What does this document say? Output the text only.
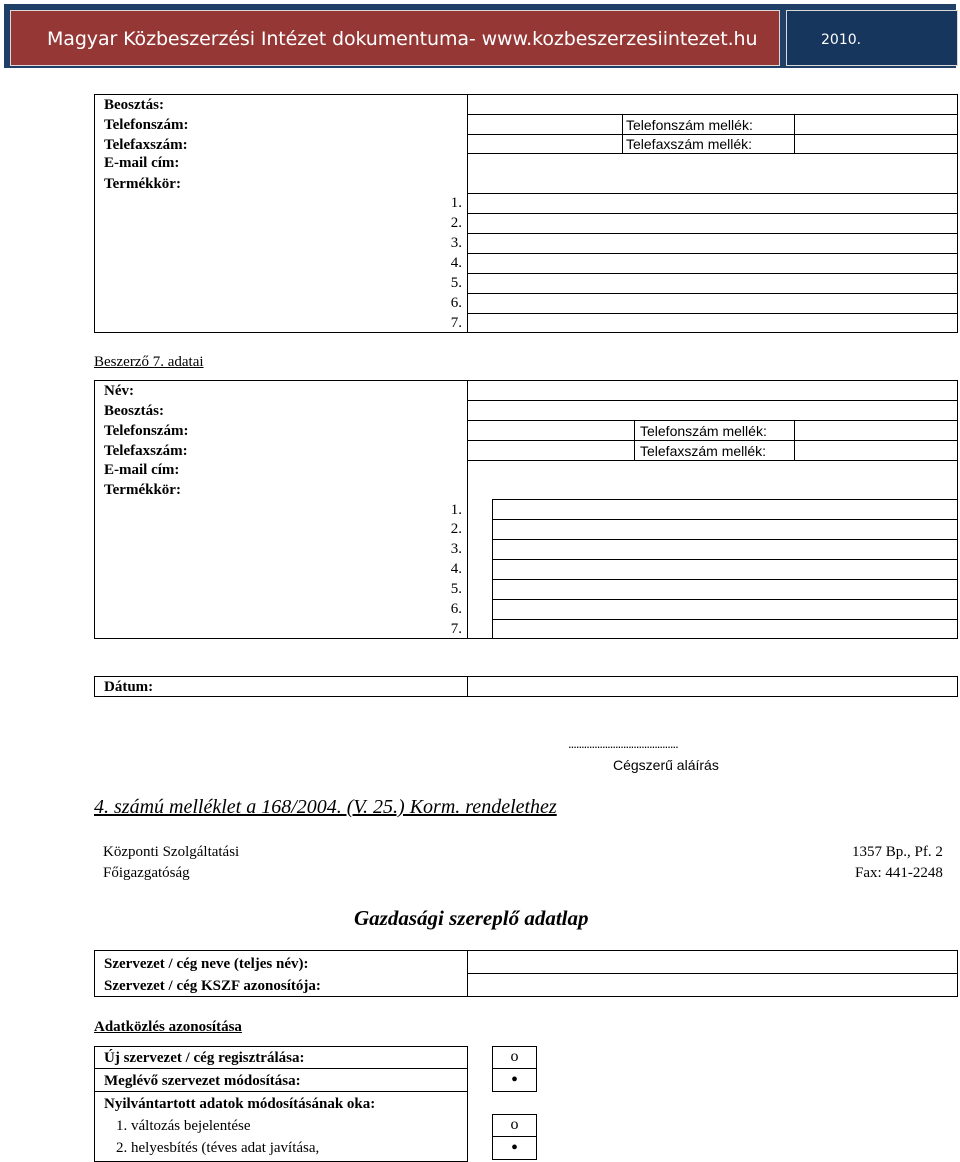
Magyar Közbeszerzési Intézet dokumentuma- www.kozbeszerzesiintezet.hu	2010.
Beosztás:
Telefonszám:
Telefaxszám:
E-mail cím:
Termékkör:
Telefonszám mellék:
Telefaxszám mellék:
1.
2.
3.
4.
5.
6.
7.
Beszerző 7. adatai
Név:
Beosztás:
Telefonszám:
Telefaxszám:
E-mail cím:
Termékkör:
Telefonszám mellék:
Telefaxszám mellék:
1.
2.
3.
4.
5.
6.
7.
Dátum:
..........................................
Cégszerű aláírás
4. számú melléklet a 168/2004. (V. 25.) Korm. rendelethez
Központi Szolgáltatási
Főigazgatóság
1357 Bp., Pf. 2
Fax: 441-2248
Gazdasági szereplő adatlap
Szervezet / cég neve (teljes név):
Szervezet / cég KSZF azonosítója:
Adatközlés azonosítása
Új szervezet / cég regisztrálása:
Meglévő szervezet módosítása:
Nyilvántartott adatok módosításának oka:
1. változás bejelentése
2. helyesbítés (téves adat javítása,
o
•
o
•
